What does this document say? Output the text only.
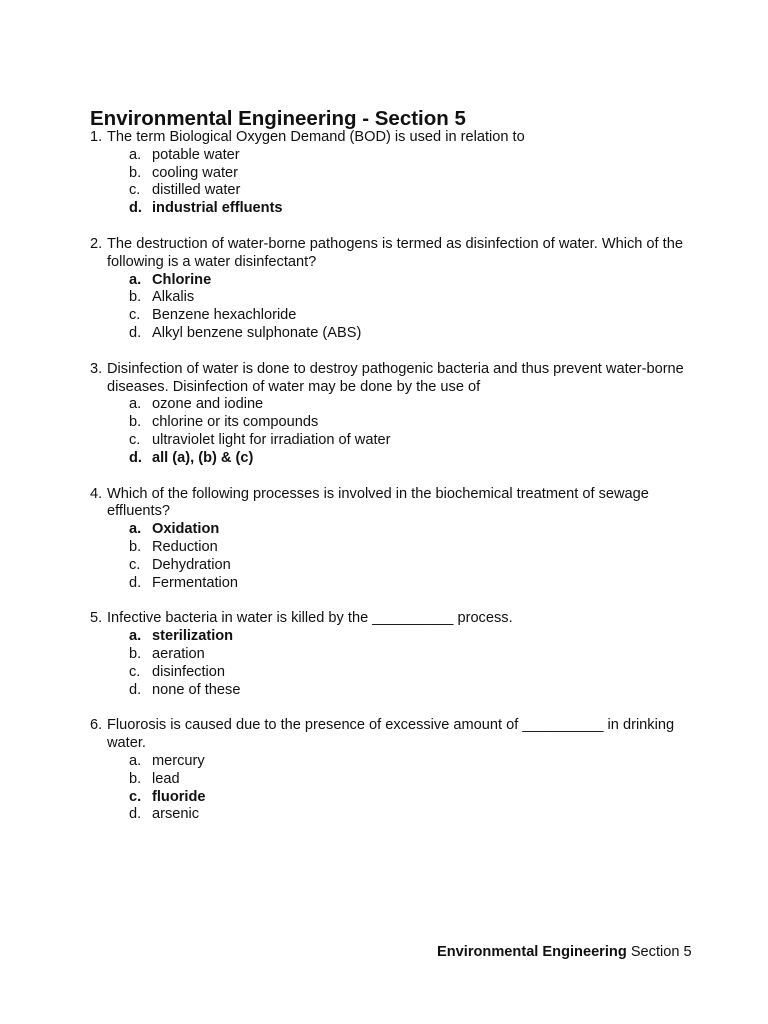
Environmental Engineering - Section 5
1. The term Biological Oxygen Demand (BOD) is used in relation to
a. potable water
b. cooling water
c. distilled water
d. industrial effluents
2. The destruction of water-borne pathogens is termed as disinfection of water. Which of the following is a water disinfectant?
a. Chlorine
b. Alkalis
c. Benzene hexachloride
d. Alkyl benzene sulphonate (ABS)
3. Disinfection of water is done to destroy pathogenic bacteria and thus prevent water-borne diseases. Disinfection of water may be done by the use of
a. ozone and iodine
b. chlorine or its compounds
c. ultraviolet light for irradiation of water
d. all (a), (b) & (c)
4. Which of the following processes is involved in the biochemical treatment of sewage effluents?
a. Oxidation
b. Reduction
c. Dehydration
d. Fermentation
5. Infective bacteria in water is killed by the __________ process.
a. sterilization
b. aeration
c. disinfection
d. none of these
6. Fluorosis is caused due to the presence of excessive amount of __________ in drinking water.
a. mercury
b. lead
c. fluoride
d. arsenic
Environmental Engineering Section 5
